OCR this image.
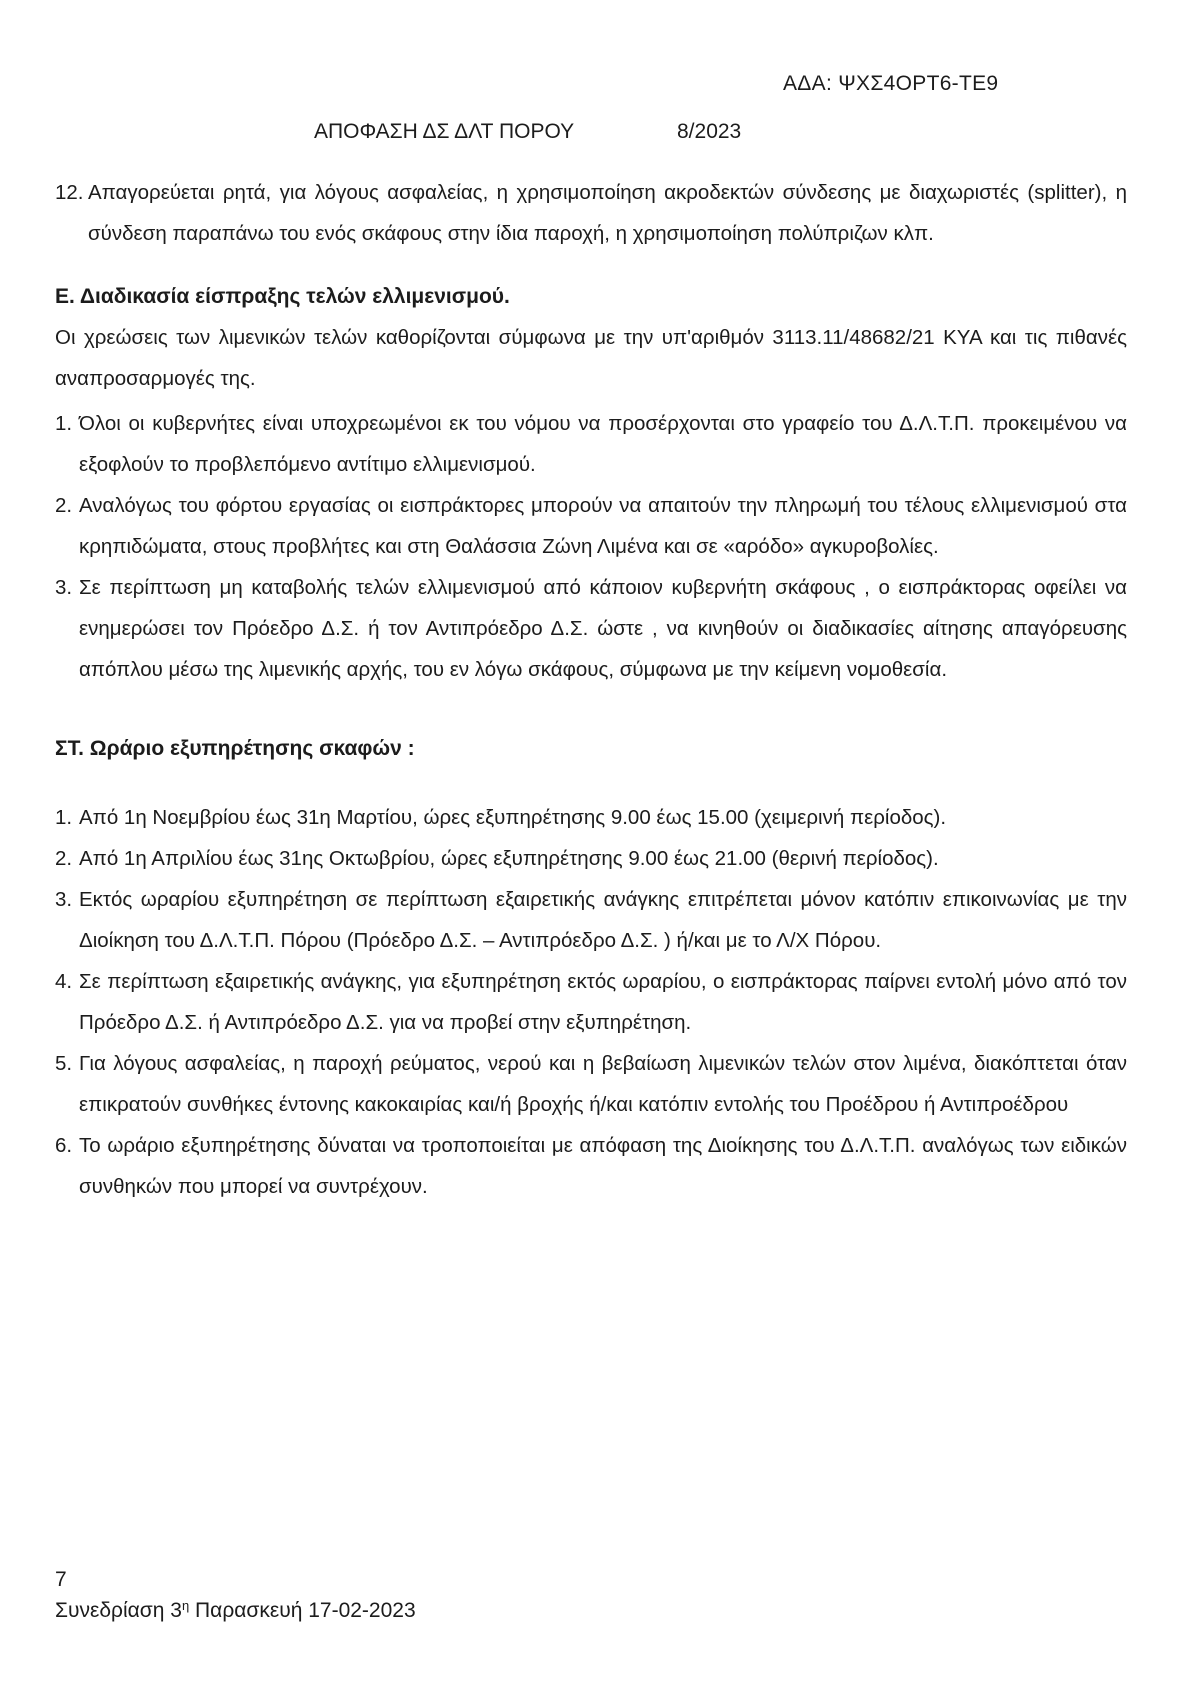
ΑΔΑ: ΨΧΣ4ΟΡΤ6-ΤΕ9
ΑΠΟΦΑΣΗ ΔΣ ΔΛΤ ΠΟΡΟΥ	8/2023
12. Απαγορεύεται ρητά, για λόγους ασφαλείας, η χρησιμοποίηση ακροδεκτών σύνδεσης με διαχωριστές (splitter), η σύνδεση παραπάνω του ενός σκάφους στην ίδια παροχή, η χρησιμοποίηση πολύπριζων κλπ.

Ε. Διαδικασία είσπραξης τελών ελλιμενισμού.

Οι χρεώσεις των λιμενικών τελών καθορίζονται σύμφωνα με την υπ'αριθμόν 3113.11/48682/21 ΚΥΑ και τις πιθανές αναπροσαρμογές της.

1. Όλοι οι κυβερνήτες είναι υποχρεωμένοι εκ του νόμου να προσέρχονται στο γραφείο του Δ.Λ.Τ.Π. προκειμένου να εξοφλούν το προβλεπόμενο αντίτιμο ελλιμενισμού.
2. Αναλόγως του φόρτου εργασίας οι εισπράκτορες μπορούν να απαιτούν την πληρωμή του τέλους ελλιμενισμού στα κρηπιδώματα, στους προβλήτες και στη Θαλάσσια Ζώνη Λιμένα και σε «αρόδο» αγκυροβολίες.
3. Σε περίπτωση μη καταβολής τελών ελλιμενισμού από κάποιον κυβερνήτη σκάφους , ο εισπράκτορας οφείλει να ενημερώσει τον Πρόεδρο Δ.Σ. ή τον Αντιπρόεδρο Δ.Σ. ώστε , να κινηθούν οι διαδικασίες αίτησης απαγόρευσης απόπλου μέσω της λιμενικής αρχής, του εν λόγω σκάφους, σύμφωνα με την κείμενη νομοθεσία.

ΣΤ. Ωράριο εξυπηρέτησης σκαφών :

1. Από 1η Νοεμβρίου έως 31η Μαρτίου, ώρες εξυπηρέτησης 9.00 έως 15.00 (χειμερινή περίοδος).
2. Από 1η Απριλίου έως 31ης Οκτωβρίου, ώρες εξυπηρέτησης 9.00 έως 21.00 (θερινή περίοδος).
3. Εκτός ωραρίου εξυπηρέτηση σε περίπτωση εξαιρετικής ανάγκης επιτρέπεται μόνον κατόπιν επικοινωνίας με την Διοίκηση του Δ.Λ.Τ.Π. Πόρου (Πρόεδρο Δ.Σ. – Αντιπρόεδρο Δ.Σ. ) ή/και με το Λ/Χ Πόρου.
4. Σε περίπτωση εξαιρετικής ανάγκης, για εξυπηρέτηση εκτός ωραρίου, ο εισπράκτορας παίρνει εντολή μόνο από τον Πρόεδρο Δ.Σ. ή Αντιπρόεδρο Δ.Σ. για να προβεί στην εξυπηρέτηση.
5. Για λόγους ασφαλείας, η παροχή ρεύματος, νερού και η βεβαίωση λιμενικών τελών στον λιμένα, διακόπτεται όταν επικρατούν συνθήκες έντονης κακοκαιρίας και/ή βροχής ή/και κατόπιν εντολής του Προέδρου ή Αντιπροέδρου
6. Το ωράριο εξυπηρέτησης δύναται να τροποποιείται με απόφαση της Διοίκησης του Δ.Λ.Τ.Π. αναλόγως των ειδικών συνθηκών που μπορεί να συντρέχουν.
7
Συνεδρίαση $3^\eta$ Παρασκευή 17-02-2023
